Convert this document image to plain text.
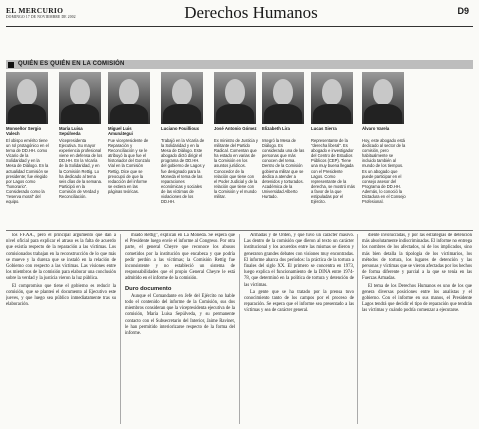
EL MERCURIO
DOMINGO 17 DE NOVIEMBRE DE 2002	Derechos Humanos	D9
QUIÉN ES QUIÉN EN LA COMISIÓN
Monseñor Sergio Valech
El obispo emérito tiene un rol protagónico en el tema de DD.HH. como Vicario de la Solidaridad y en la Mesa de Diálogo. En la actualidad Comisión se presidente; fue elegido por Lagos como "honorario". Considerado como la "reserva moral" del equipo.
María Luisa Sepúlveda
Vicepresidenta Ejecutiva. Su mayor experiencia profesional viene en defensa de los DD.HH. En la Vicaría de la Solidaridad, y en la Comisión Rettig. Lo ha dedicado al tema seis días de la semana. Participó en la Comisión de Verdad y Reconciliación.
Miguel Luis Amunátegui
Fue vicepresidente de Reparación y Reconciliación y se le atribuyó la que fue el historiador del Gonzalo Vial en la Comisión Rettig. Dice que se preocupó de que la redacción del informe se extiera en las páginas teóricas.
Luciano Fouillioux
Trabajó en la Vicaría de la Solidaridad y en la Mesa de Diálogo. Este abogado dictó dirigir el programa de DD.HH. del gobierno de Lagos y fue designado para la Moneda el tema de las reparaciones económicas y sociales de las víctimas de violaciones de los DD.HH.
José Antonio Gómez
Ex ministro de Justicia y militante del Partido Radical. Comentan que ha estado en varias de la Comisión en los asuntos jurídicos. Conocedor de la relación que tiene con el Poder Judicial y de la relación que tiene con la Comisión y el mundo militar.
Elizabeth Lira
Integró la Mesa de Diálogo. Es considerada una de las personas que más conocen del tema. Dentro de la Comisión gobierna militar que se dedica a atender a detenidos y torturados. Académica de la Universidad Alberto Hurtado.
Lucas Sierra
Representante de la "derecha liberal". Es abogado e investigador del Centro de Estudios Públicos (CEP). Tiene una muy buena llegada con el Presidente Lagos. Como representante de la derecha, se mostró más a favor de la que estipuladas por el Ejército.
Álvaro Varela
Hoy, este abogado está dedicado al sector de la comisión, pero habitualmente se incluido también al mundo de los tiempos. Es un abogado que puede participar en el consejo asesor del Programa de DD.HH. Además, lo conoció la Dictadura en el Consejo Profesional.

los FF.AA., pero el principal argumento que dan a nivel oficial para explicar el atraso es la falta de acuerdo que existía respecto de la reparación a las víctimas. Los comisionados trabajan en la reconstrucción de lo que más se mueve y la dureza que se instaló en la relación de Gobierno con respecto a las víctimas. Las visiones entre los miembros de la comisión para elaborar una conclusión sobre la verdad y la justicia vieron la luz pública.

El compromiso que tiene el gobierno es reducir la comisión, que se planteó el documento al Ejecutivo este jueves, y que luego sea público inmediatamente tras su elaboración.

miado Rettig", explican en La Moneda. Se espera que el Presidente luego envíe el informe al Congreso. Por otra parte, el general Cheyre que reconoce los abusos cometidos por la institución que encabeza y que podría pedir perdón a las víctimas; la Comisión Rettig fue inconsistente y no estableció un sistema de responsabilidades que el propio General Cheyre le está admitido en el informe de la comisión.

Duro documento

Aunque el Comandante en Jefe del Ejército no hable todo el contenido del informe de la Comisión, sus dos miembros consideran que la vicepresidenta ejecutiva de la comisión, María Luisa Sepúlveda, y su permanente contacto con el Subsecretario del Interior, Jaime Ravinet, le han permitido interiorizarse respecto de la forma del informe.

Armadas y de Orden, y que tuvo un carácter masivo. Las dentro de la comisión que dieron al texto un carácter institucional y los acuerdos entre las mismas se dieron y generaron grandes debates con visiones muy encontradas. El informe abarca dos períodos: la práctica de la tortura a finales del siglo XX. El primero se concentra en 1973, luego explica el funcionamiento de la DINA entre 1974-78, que determinó en la política de tortura y detención de las víctimas.

La gente que se ha tratado por la prensa tuvo conocimiento tanto de los campos por el proceso de reparación. Se espera que el informe sea presentado a las víctimas y sea de carácter general.

diente involucradas, y por las estrategias de detención más absolutamente indiscriminadas. El informe no entrega los nombres de los afectados, ni de los implicados, sino más bien detalla la tipología de los victimarios, los métodos de tortura, los lugares de detención y las personas y víctimas que se vieron afectadas por los hechos de forma diferente y parcial a la que se tenía en las Fuerzas Armadas.

El tema de los Derechos Humanos es uno de los que genera diversas posiciones entre los analistas y el gobierno. Con el informe en sus manos, el Presidente Lagos tendrá que decidir el tipo de reparación que tendrán las víctimas y cuándo podría comenzar a ejecutarse.
